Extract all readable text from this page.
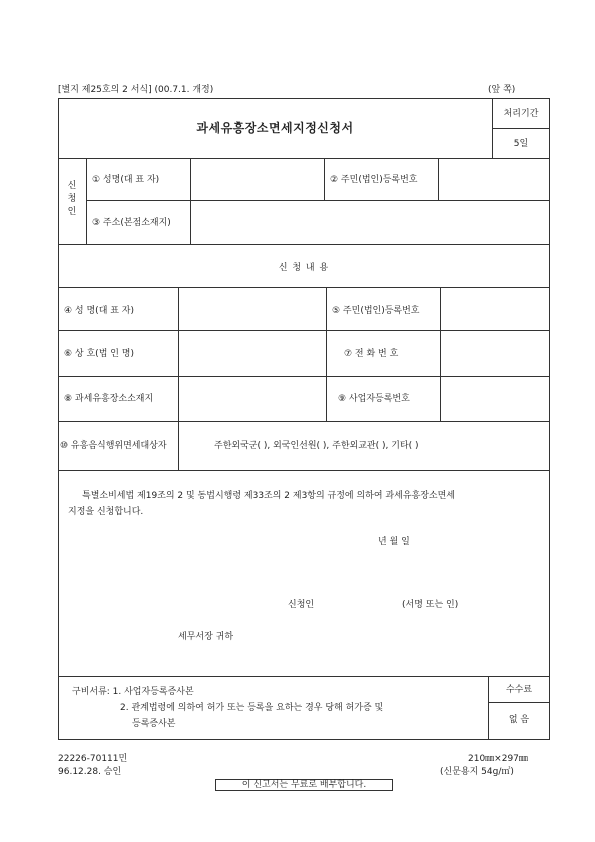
[별지 제25호의 2 서식] (00.7.1. 개정)	(앞 쪽)
과세유흥장소면세지정신청서
처리기간
5일
신
청
인
① 성명(대 표 자)	② 주민(법인)등록번호
③ 주소(본점소재지)
신 청 내 용
④ 성 명(대 표 자)	⑤ 주민(법인)등록번호
⑥ 상 호(법 인 명)	⑦ 전 화 번 호
⑧ 과세유흥장소소재지	⑨ 사업자등록번호
⑩ 유흥음식행위면세대상자	주한외국군( ), 외국인선원( ), 주한외교관( ), 기타( )
특별소비세법 제19조의 2 및 동법시행령 제33조의 2 제3항의 규정에 의하여 과세유흥장소면세
지정을 신청합니다.
년 월 일
신청인	(서명 또는 인)
세무서장 귀하
구비서류: 1. 사업자등록증사본
2. 관계법령에 의하여 허가 또는 등록을 요하는 경우 당해 허가증 및
등록증사본
수수료
없 음
22226-70111민
96.12.28. 승인
210㎜×297㎜
(신문용지 54g/㎡)
이 신고서는 무료로 배부합니다.
